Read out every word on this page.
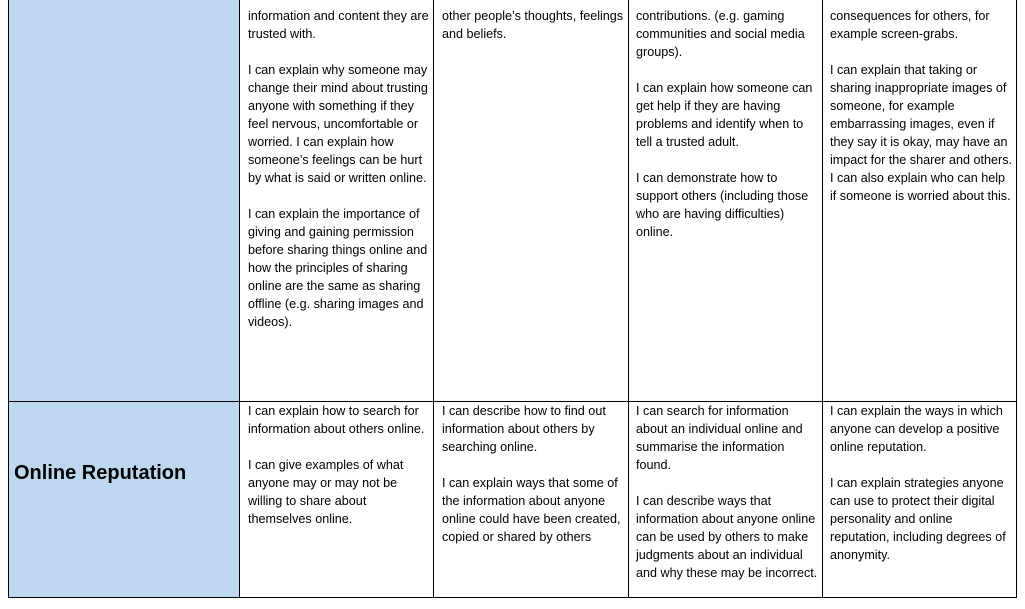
information and content they are trusted with.

I can explain why someone may change their mind about trusting anyone with something if they feel nervous, uncomfortable or worried. I can explain how someone’s feelings can be hurt by what is said or written online.

I can explain the importance of giving and gaining permission before sharing things online and how the principles of sharing online are the same as sharing offline (e.g. sharing images and videos).

other people’s thoughts, feelings and beliefs.

contributions. (e.g. gaming communities and social media groups).

I can explain how someone can get help if they are having problems and identify when to tell a trusted adult.

I can demonstrate how to support others (including those who are having difficulties) online.

consequences for others, for example screen-grabs.

I can explain that taking or sharing inappropriate images of someone, for example embarrassing images, even if they say it is okay, may have an impact for the sharer and others. I can also explain who can help if someone is worried about this.

Online Reputation

I can explain how to search for information about others online.

I can give examples of what anyone may or may not be willing to share about themselves online.

I can describe how to find out information about others by searching online.

I can explain ways that some of the information about anyone online could have been created, copied or shared by others

I can search for information about an individual online and summarise the information found.

I can describe ways that information about anyone online can be used by others to make judgments about an individual and why these may be incorrect.

I can explain the ways in which anyone can develop a positive online reputation.

I can explain strategies anyone can use to protect their digital personality and online reputation, including degrees of anonymity.
